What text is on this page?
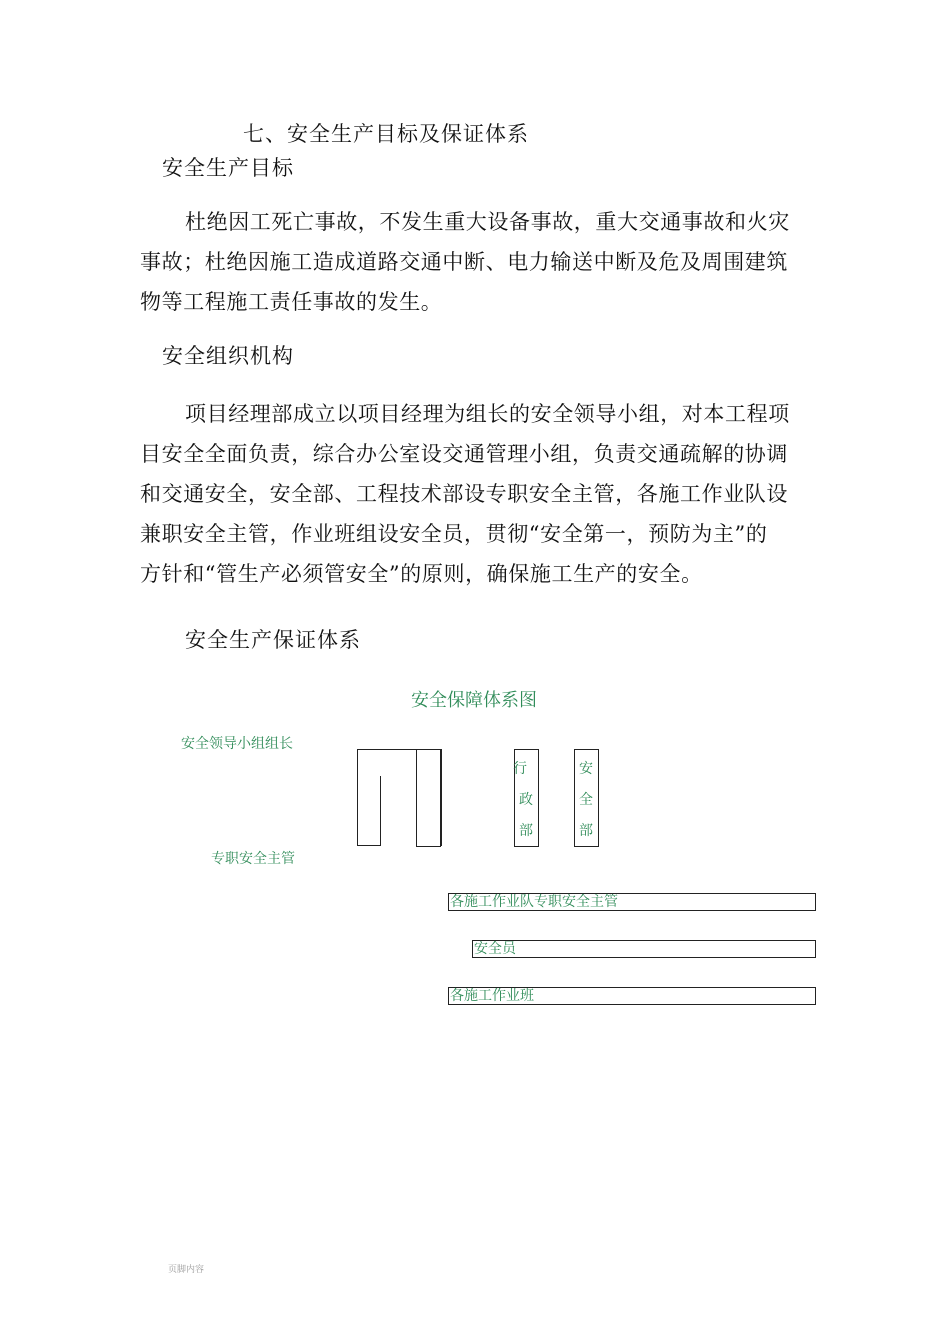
七、安全生产目标及保证体系
安全生产目标
杜绝因工死亡事故，不发生重大设备事故，重大交通事故和火灾
事故；杜绝因施工造成道路交通中断、电力输送中断及危及周围建筑
物等工程施工责任事故的发生。
安全组织机构
项目经理部成立以项目经理为组长的安全领导小组，对本工程项
目安全全面负责，综合办公室设交通管理小组，负责交通疏解的协调
和交通安全，安全部、工程技术部设专职安全主管，各施工作业队设
兼职安全主管，作业班组设安全员，贯彻“安全第一，预防为主”的
方针和“管生产必须管安全”的原则，确保施工生产的安全。
安全生产保证体系
安全保障体系图
安全领导小组组长
专职安全主管
行
政
部
安
全
部
各施工作业队专职安全主管
安全员
各施工作业班
页脚内容
